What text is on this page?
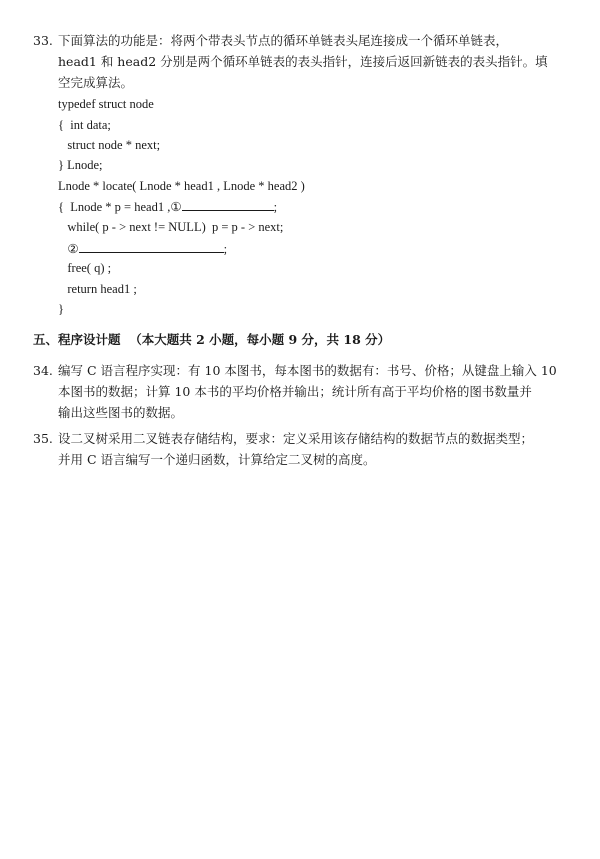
33. 下面算法的功能是：将两个带表头节点的循环单链表头尾连接成一个循环单链表，
head1 和 head2 分别是两个循环单链表的表头指针，连接后返回新链表的表头指针。填
空完成算法。
typedef struct node
{  int data;
struct node * next;
} Lnode;
Lnode * locate( Lnode * head1 , Lnode * head2 )
{  Lnode * p = head1 ,①	;
while( p - > next != NULL)  p = p - > next;
②	;
free( q) ;
return head1 ;
}
五、程序设计题 （本大题共 2 小题，每小题 9 分，共 18 分）
34. 编写 C 语言程序实现：有 10 本图书，每本图书的数据有：书号、价格；从键盘上输入 10
本图书的数据；计算 10 本书的平均价格并输出；统计所有高于平均价格的图书数量并
输出这些图书的数据。
35. 设二叉树采用二叉链表存储结构，要求：定义采用该存储结构的数据节点的数据类型；
并用 C 语言编写一个递归函数，计算给定二叉树的高度。
